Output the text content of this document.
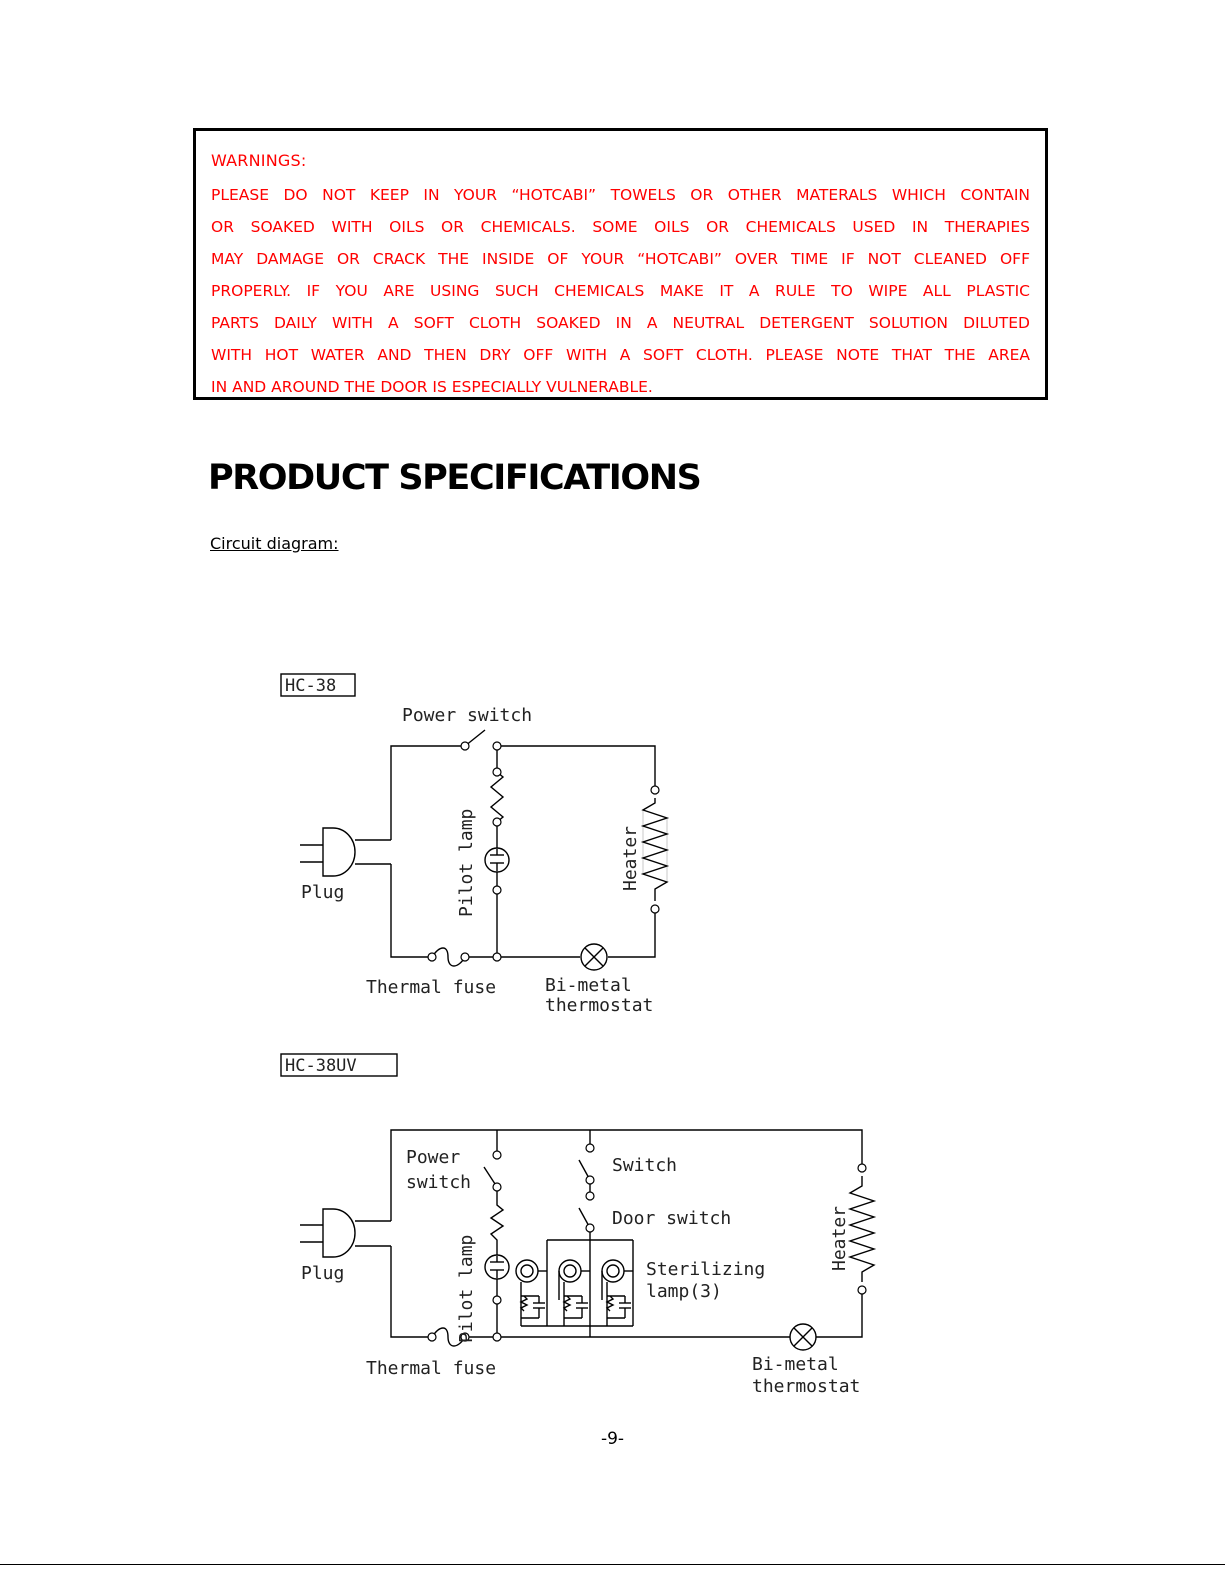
WARNINGS:
PLEASE DO NOT KEEP IN YOUR “HOTCABI” TOWELS OR OTHER MATERALS WHICH CONTAIN
OR SOAKED WITH OILS OR CHEMICALS. SOME OILS OR CHEMICALS USED IN THERAPIES
MAY DAMAGE OR CRACK THE INSIDE OF YOUR “HOTCABI” OVER TIME IF NOT CLEANED OFF
PROPERLY. IF YOU ARE USING SUCH CHEMICALS MAKE IT A RULE TO WIPE ALL PLASTIC
PARTS DAILY WITH A SOFT CLOTH SOAKED IN A NEUTRAL DETERGENT SOLUTION DILUTED
WITH HOT WATER AND THEN DRY OFF WITH A SOFT CLOTH. PLEASE NOTE THAT THE AREA
IN AND AROUND THE DOOR IS ESPECIALLY VULNERABLE.
PRODUCT SPECIFICATIONS
Circuit diagram:
HC-38
Power switch
Pilot lamp	Heater
Plug
Thermal fuse	Bi-metal
thermostat
HC-38UV
Power
switch
Switch
Door switch
Sterilizing
lamp(3)
Pilot lamp	Heater
Plug
Thermal fuse	Bi-metal
thermostat
-9-
